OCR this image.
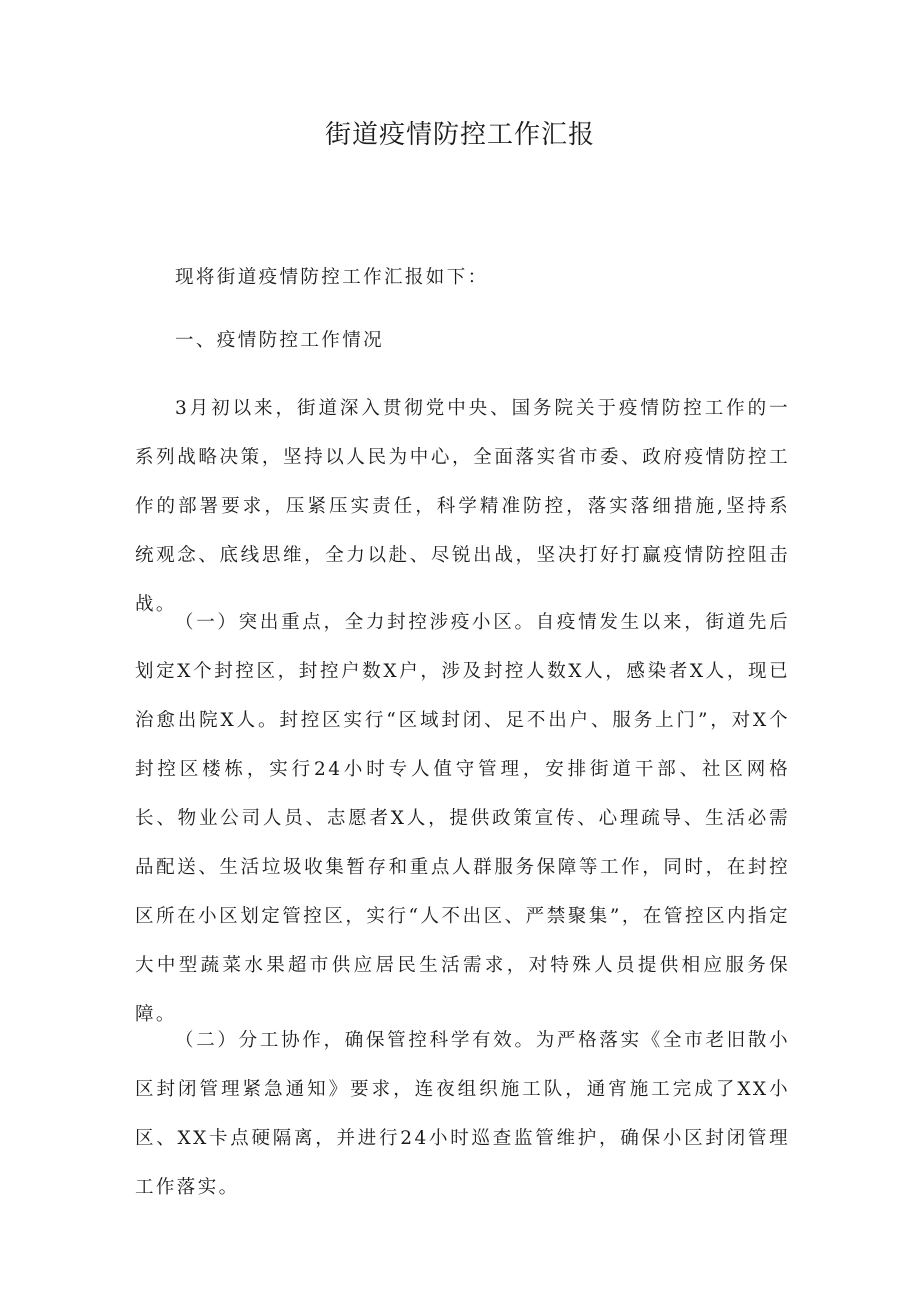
街道疫情防控工作汇报

现将街道疫情防控工作汇报如下：

一、疫情防控工作情况

3月初以来，街道深入贯彻党中央、国务院关于疫情防控工作的一系列战略决策，坚持以人民为中心，全面落实省市委、政府疫情防控工作的部署要求，压紧压实责任，科学精准防控，落实落细措施,坚持系统观念、底线思维，全力以赴、尽锐出战，坚决打好打赢疫情防控阻击战。

（一）突出重点，全力封控涉疫小区。自疫情发生以来，街道先后划定X个封控区，封控户数X户，涉及封控人数X人，感染者X人，现已治愈出院X人。封控区实行“区域封闭、足不出户、服务上门”，对X个封控区楼栋，实行24小时专人值守管理，安排街道干部、社区网格长、物业公司人员、志愿者X人，提供政策宣传、心理疏导、生活必需品配送、生活垃圾收集暂存和重点人群服务保障等工作，同时，在封控区所在小区划定管控区，实行“人不出区、严禁聚集”，在管控区内指定大中型蔬菜水果超市供应居民生活需求，对特殊人员提供相应服务保障。

（二）分工协作，确保管控科学有效。为严格落实《全市老旧散小区封闭管理紧急通知》要求，连夜组织施工队，通宵施工完成了XX小区、XX卡点硬隔离，并进行24小时巡查监管维护，确保小区封闭管理工作落实。
